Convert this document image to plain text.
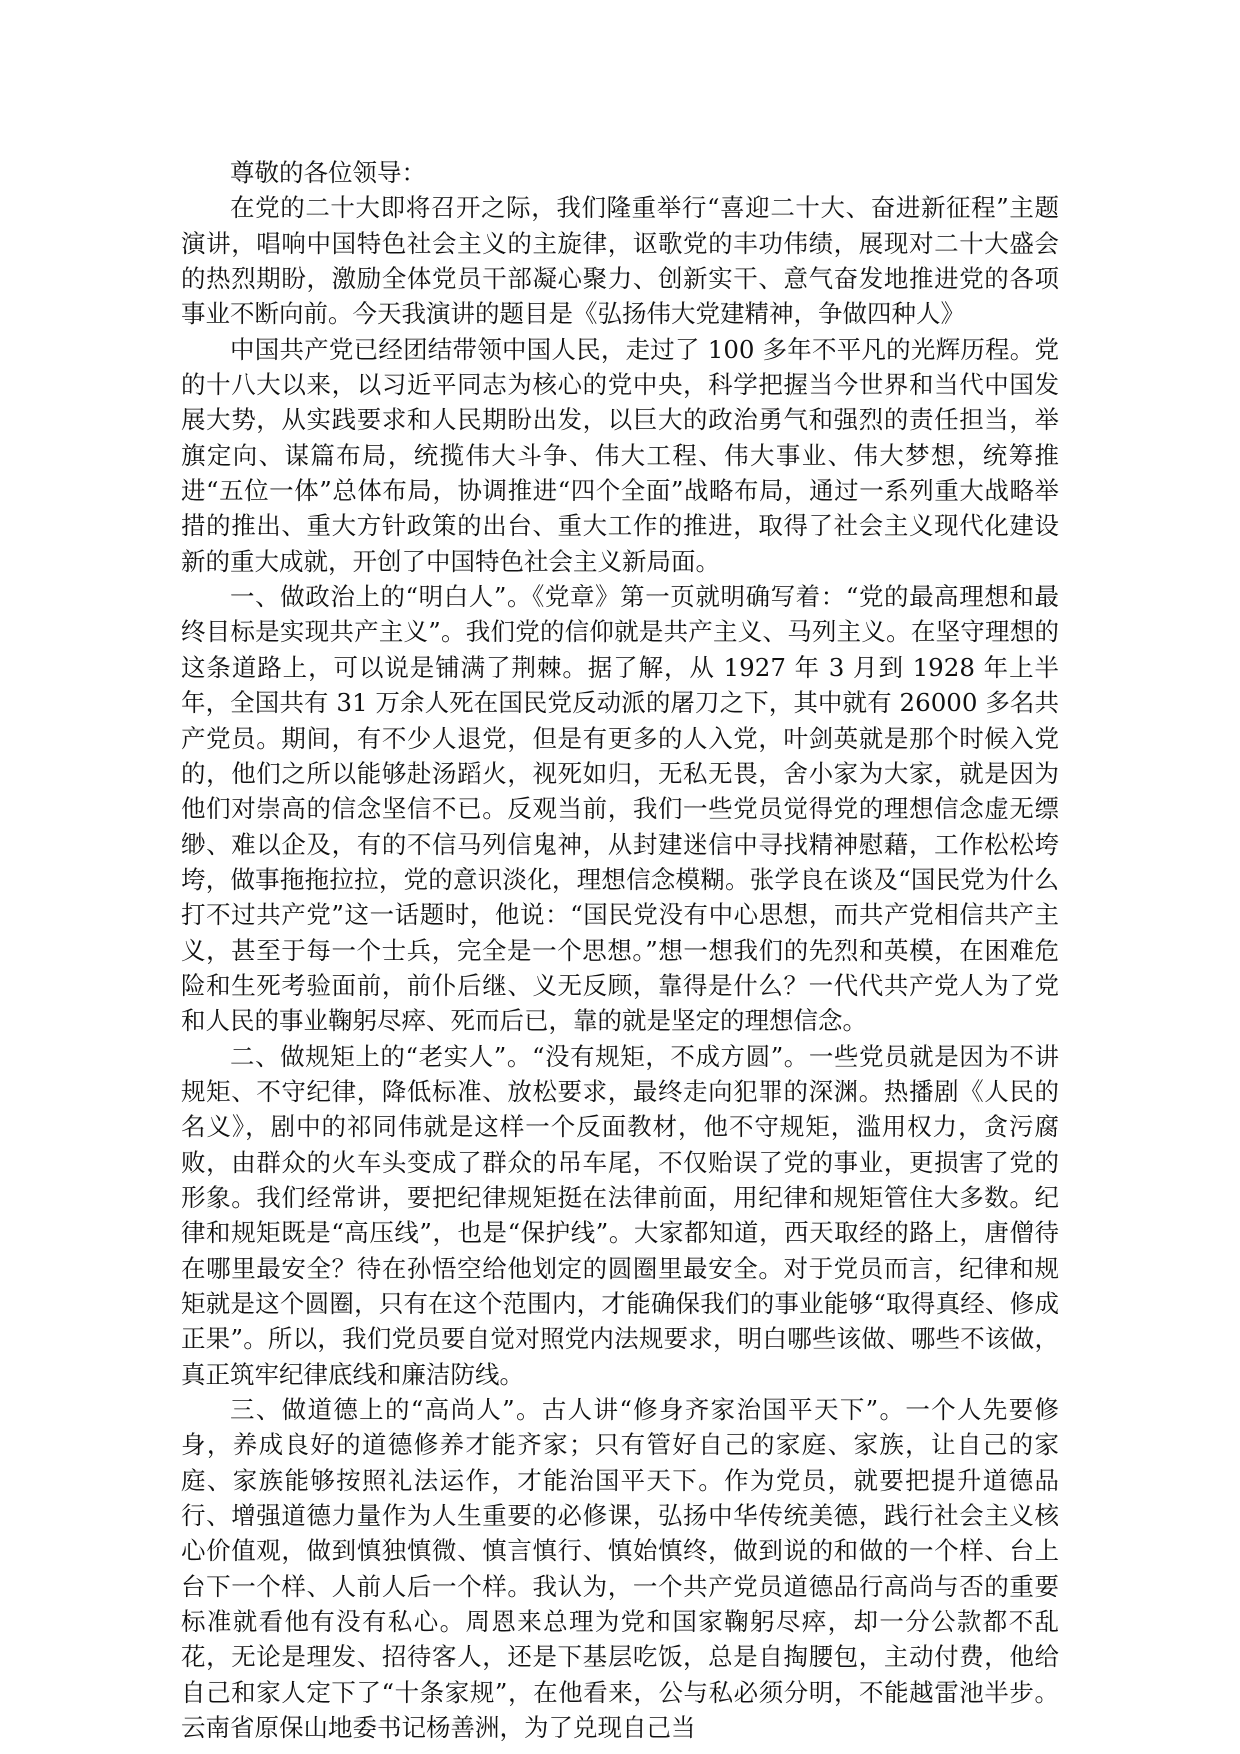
尊敬的各位领导：

在党的二十大即将召开之际，我们隆重举行“喜迎二十大、奋进新征程”主题演讲，唱响中国特色社会主义的主旋律，讴歌党的丰功伟绩，展现对二十大盛会的热烈期盼，激励全体党员干部凝心聚力、创新实干、意气奋发地推进党的各项事业不断向前。今天我演讲的题目是《弘扬伟大党建精神，争做四种人》

中国共产党已经团结带领中国人民，走过了 100 多年不平凡的光辉历程。党的十八大以来，以习近平同志为核心的党中央，科学把握当今世界和当代中国发展大势，从实践要求和人民期盼出发，以巨大的政治勇气和强烈的责任担当，举旗定向、谋篇布局，统揽伟大斗争、伟大工程、伟大事业、伟大梦想，统筹推进“五位一体”总体布局，协调推进“四个全面”战略布局，通过一系列重大战略举措的推出、重大方针政策的出台、重大工作的推进，取得了社会主义现代化建设新的重大成就，开创了中国特色社会主义新局面。

一、做政治上的“明白人”。《党章》第一页就明确写着：“党的最高理想和最终目标是实现共产主义”。我们党的信仰就是共产主义、马列主义。在坚守理想的这条道路上，可以说是铺满了荆棘。据了解，从 1927 年 3 月到 1928 年上半年，全国共有 31 万余人死在国民党反动派的屠刀之下，其中就有 26000 多名共产党员。期间，有不少人退党，但是有更多的人入党，叶剑英就是那个时候入党的，他们之所以能够赴汤蹈火，视死如归，无私无畏，舍小家为大家，就是因为他们对崇高的信念坚信不已。反观当前，我们一些党员觉得党的理想信念虚无缥缈、难以企及，有的不信马列信鬼神，从封建迷信中寻找精神慰藉，工作松松垮垮，做事拖拖拉拉，党的意识淡化，理想信念模糊。张学良在谈及“国民党为什么打不过共产党”这一话题时，他说：“国民党没有中心思想，而共产党相信共产主义，甚至于每一个士兵，完全是一个思想。”想一想我们的先烈和英模，在困难危险和生死考验面前，前仆后继、义无反顾，靠得是什么？一代代共产党人为了党和人民的事业鞠躬尽瘁、死而后已，靠的就是坚定的理想信念。

二、做规矩上的“老实人”。“没有规矩，不成方圆”。一些党员就是因为不讲规矩、不守纪律，降低标准、放松要求，最终走向犯罪的深渊。热播剧《人民的名义》，剧中的祁同伟就是这样一个反面教材，他不守规矩，滥用权力，贪污腐败，由群众的火车头变成了群众的吊车尾，不仅贻误了党的事业，更损害了党的形象。我们经常讲，要把纪律规矩挺在法律前面，用纪律和规矩管住大多数。纪律和规矩既是“高压线”，也是“保护线”。大家都知道，西天取经的路上，唐僧待在哪里最安全？待在孙悟空给他划定的圆圈里最安全。对于党员而言，纪律和规矩就是这个圆圈，只有在这个范围内，才能确保我们的事业能够“取得真经、修成正果”。所以，我们党员要自觉对照党内法规要求，明白哪些该做、哪些不该做，真正筑牢纪律底线和廉洁防线。

三、做道德上的“高尚人”。古人讲“修身齐家治国平天下”。一个人先要修身，养成良好的道德修养才能齐家；只有管好自己的家庭、家族，让自己的家庭、家族能够按照礼法运作，才能治国平天下。作为党员，就要把提升道德品行、增强道德力量作为人生重要的必修课，弘扬中华传统美德，践行社会主义核心价值观，做到慎独慎微、慎言慎行、慎始慎终，做到说的和做的一个样、台上台下一个样、人前人后一个样。我认为，一个共产党员道德品行高尚与否的重要标准就看他有没有私心。周恩来总理为党和国家鞠躬尽瘁，却一分公款都不乱花，无论是理发、招待客人，还是下基层吃饭，总是自掏腰包，主动付费，他给自己和家人定下了“十条家规”，在他看来，公与私必须分明，不能越雷池半步。云南省原保山地委书记杨善洲，为了兑现自己当
